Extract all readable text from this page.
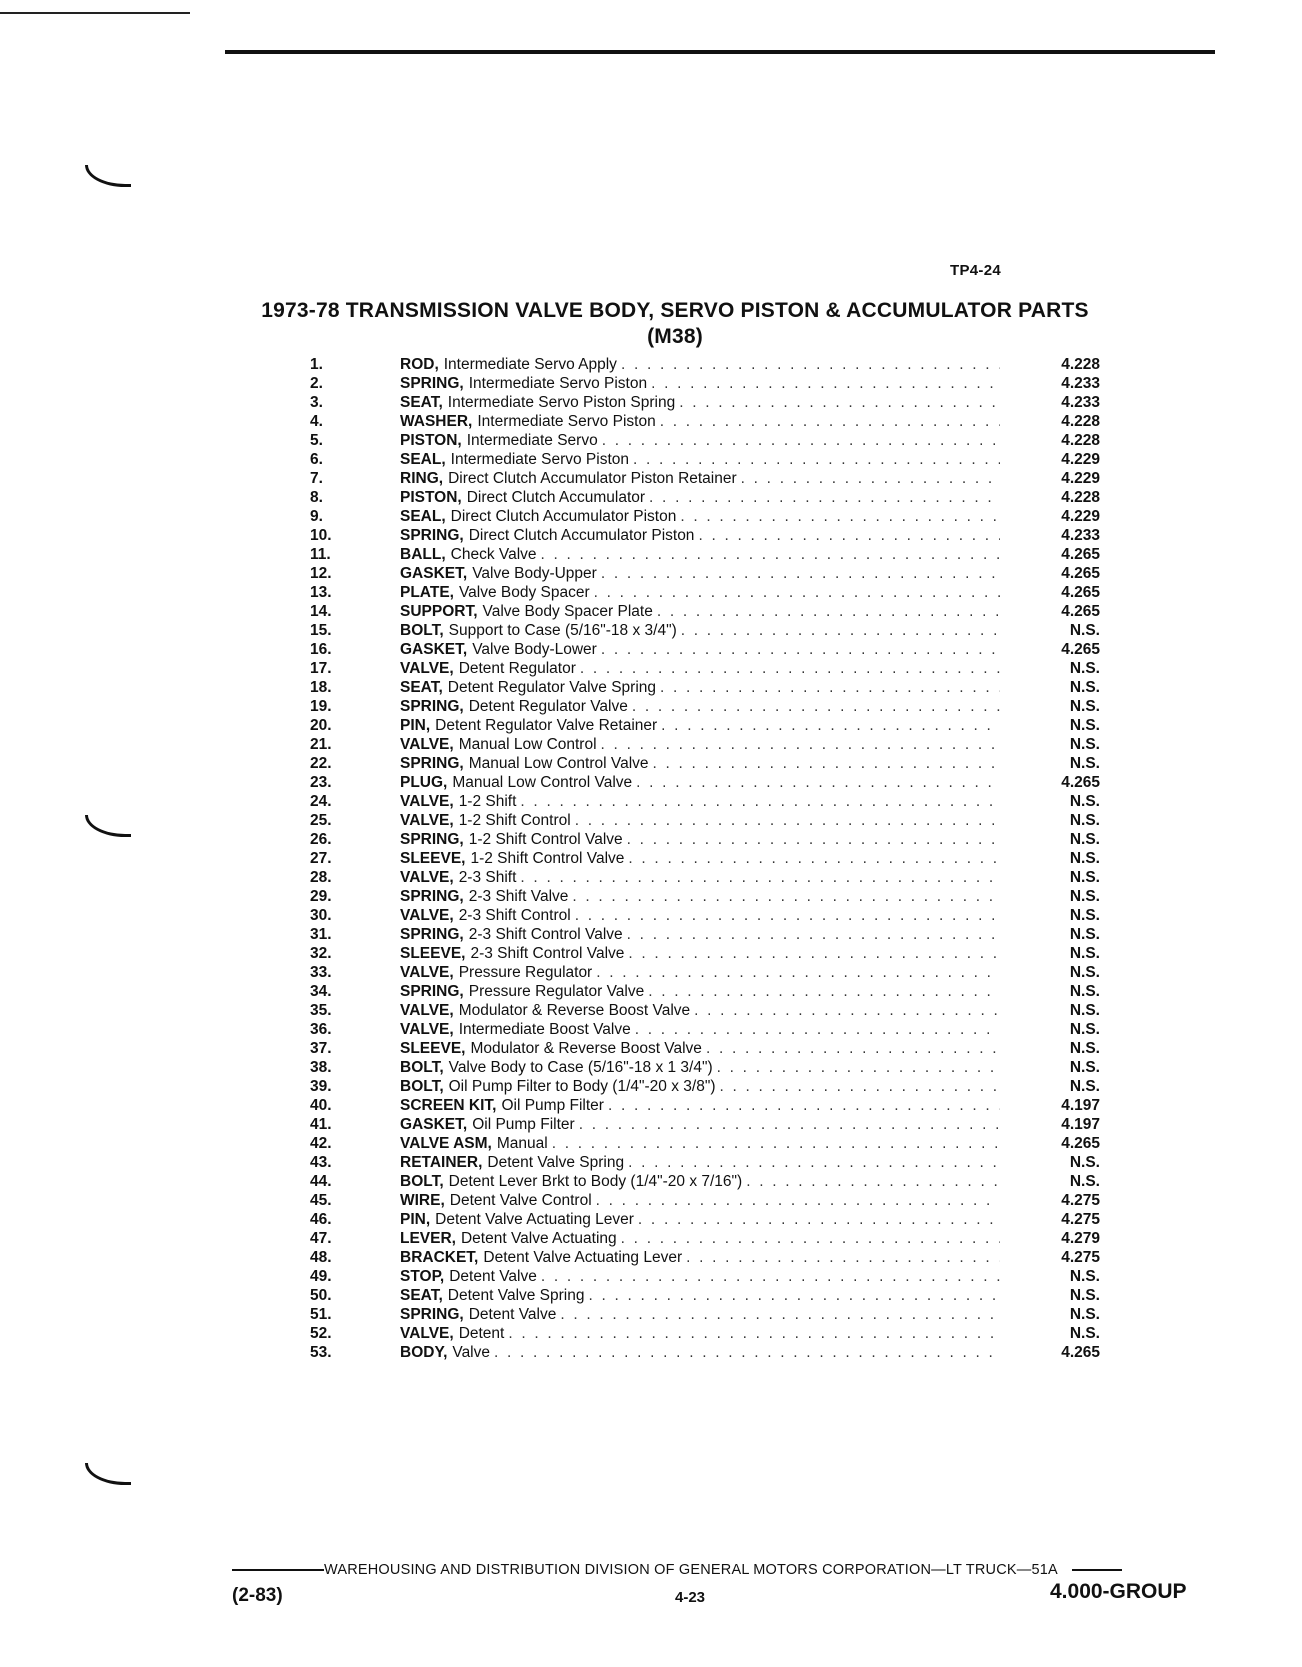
TP4-24
1973-78 TRANSMISSION VALVE BODY, SERVO PISTON & ACCUMULATOR PARTS
(M38)
1.	ROD, Intermediate Servo Apply . . .	4.228
2.	SPRING, Intermediate Servo Piston . . .	4.233
3.	SEAT, Intermediate Servo Piston Spring . . .	4.233
4.	WASHER, Intermediate Servo Piston . . .	4.228
5.	PISTON, Intermediate Servo . . .	4.228
6.	SEAL, Intermediate Servo Piston . . .	4.229
7.	RING, Direct Clutch Accumulator Piston Retainer . . .	4.229
8.	PISTON, Direct Clutch Accumulator . . .	4.228
9.	SEAL, Direct Clutch Accumulator Piston . . .	4.229
10.	SPRING, Direct Clutch Accumulator Piston . . .	4.233
11.	BALL, Check Valve . . .	4.265
12.	GASKET, Valve Body-Upper . . .	4.265
13.	PLATE, Valve Body Spacer . . .	4.265
14.	SUPPORT, Valve Body Spacer Plate . . .	4.265
15.	BOLT, Support to Case (5/16"-18 x 3/4") . . .	N.S.
16.	GASKET, Valve Body-Lower . . .	4.265
17.	VALVE, Detent Regulator . . .	N.S.
18.	SEAT, Detent Regulator Valve Spring . . .	N.S.
19.	SPRING, Detent Regulator Valve . . .	N.S.
20.	PIN, Detent Regulator Valve Retainer . . .	N.S.
21.	VALVE, Manual Low Control . . .	N.S.
22.	SPRING, Manual Low Control Valve . . .	N.S.
23.	PLUG, Manual Low Control Valve . . .	4.265
24.	VALVE, 1-2 Shift . . .	N.S.
25.	VALVE, 1-2 Shift Control . . .	N.S.
26.	SPRING, 1-2 Shift Control Valve . . .	N.S.
27.	SLEEVE, 1-2 Shift Control Valve . . .	N.S.
28.	VALVE, 2-3 Shift . . .	N.S.
29.	SPRING, 2-3 Shift Valve . . .	N.S.
30.	VALVE, 2-3 Shift Control . . .	N.S.
31.	SPRING, 2-3 Shift Control Valve . . .	N.S.
32.	SLEEVE, 2-3 Shift Control Valve . . .	N.S.
33.	VALVE, Pressure Regulator . . .	N.S.
34.	SPRING, Pressure Regulator Valve . . .	N.S.
35.	VALVE, Modulator & Reverse Boost Valve . . .	N.S.
36.	VALVE, Intermediate Boost Valve . . .	N.S.
37.	SLEEVE, Modulator & Reverse Boost Valve . . .	N.S.
38.	BOLT, Valve Body to Case (5/16"-18 x 1 3/4") . . .	N.S.
39.	BOLT, Oil Pump Filter to Body (1/4"-20 x 3/8") . . .	N.S.
40.	SCREEN KIT, Oil Pump Filter . . .	4.197
41.	GASKET, Oil Pump Filter . . .	4.197
42.	VALVE ASM, Manual . . .	4.265
43.	RETAINER, Detent Valve Spring . . .	N.S.
44.	BOLT, Detent Lever Brkt to Body (1/4"-20 x 7/16") . . .	N.S.
45.	WIRE, Detent Valve Control . . .	4.275
46.	PIN, Detent Valve Actuating Lever . . .	4.275
47.	LEVER, Detent Valve Actuating . . .	4.279
48.	BRACKET, Detent Valve Actuating Lever . . .	4.275
49.	STOP, Detent Valve . . .	N.S.
50.	SEAT, Detent Valve Spring . . .	N.S.
51.	SPRING, Detent Valve . . .	N.S.
52.	VALVE, Detent . . .	N.S.
53.	BODY, Valve . . .	4.265
WAREHOUSING AND DISTRIBUTION DIVISION OF GENERAL MOTORS CORPORATION—LT TRUCK—51A
(2-83)	4-23	4.000-GROUP
